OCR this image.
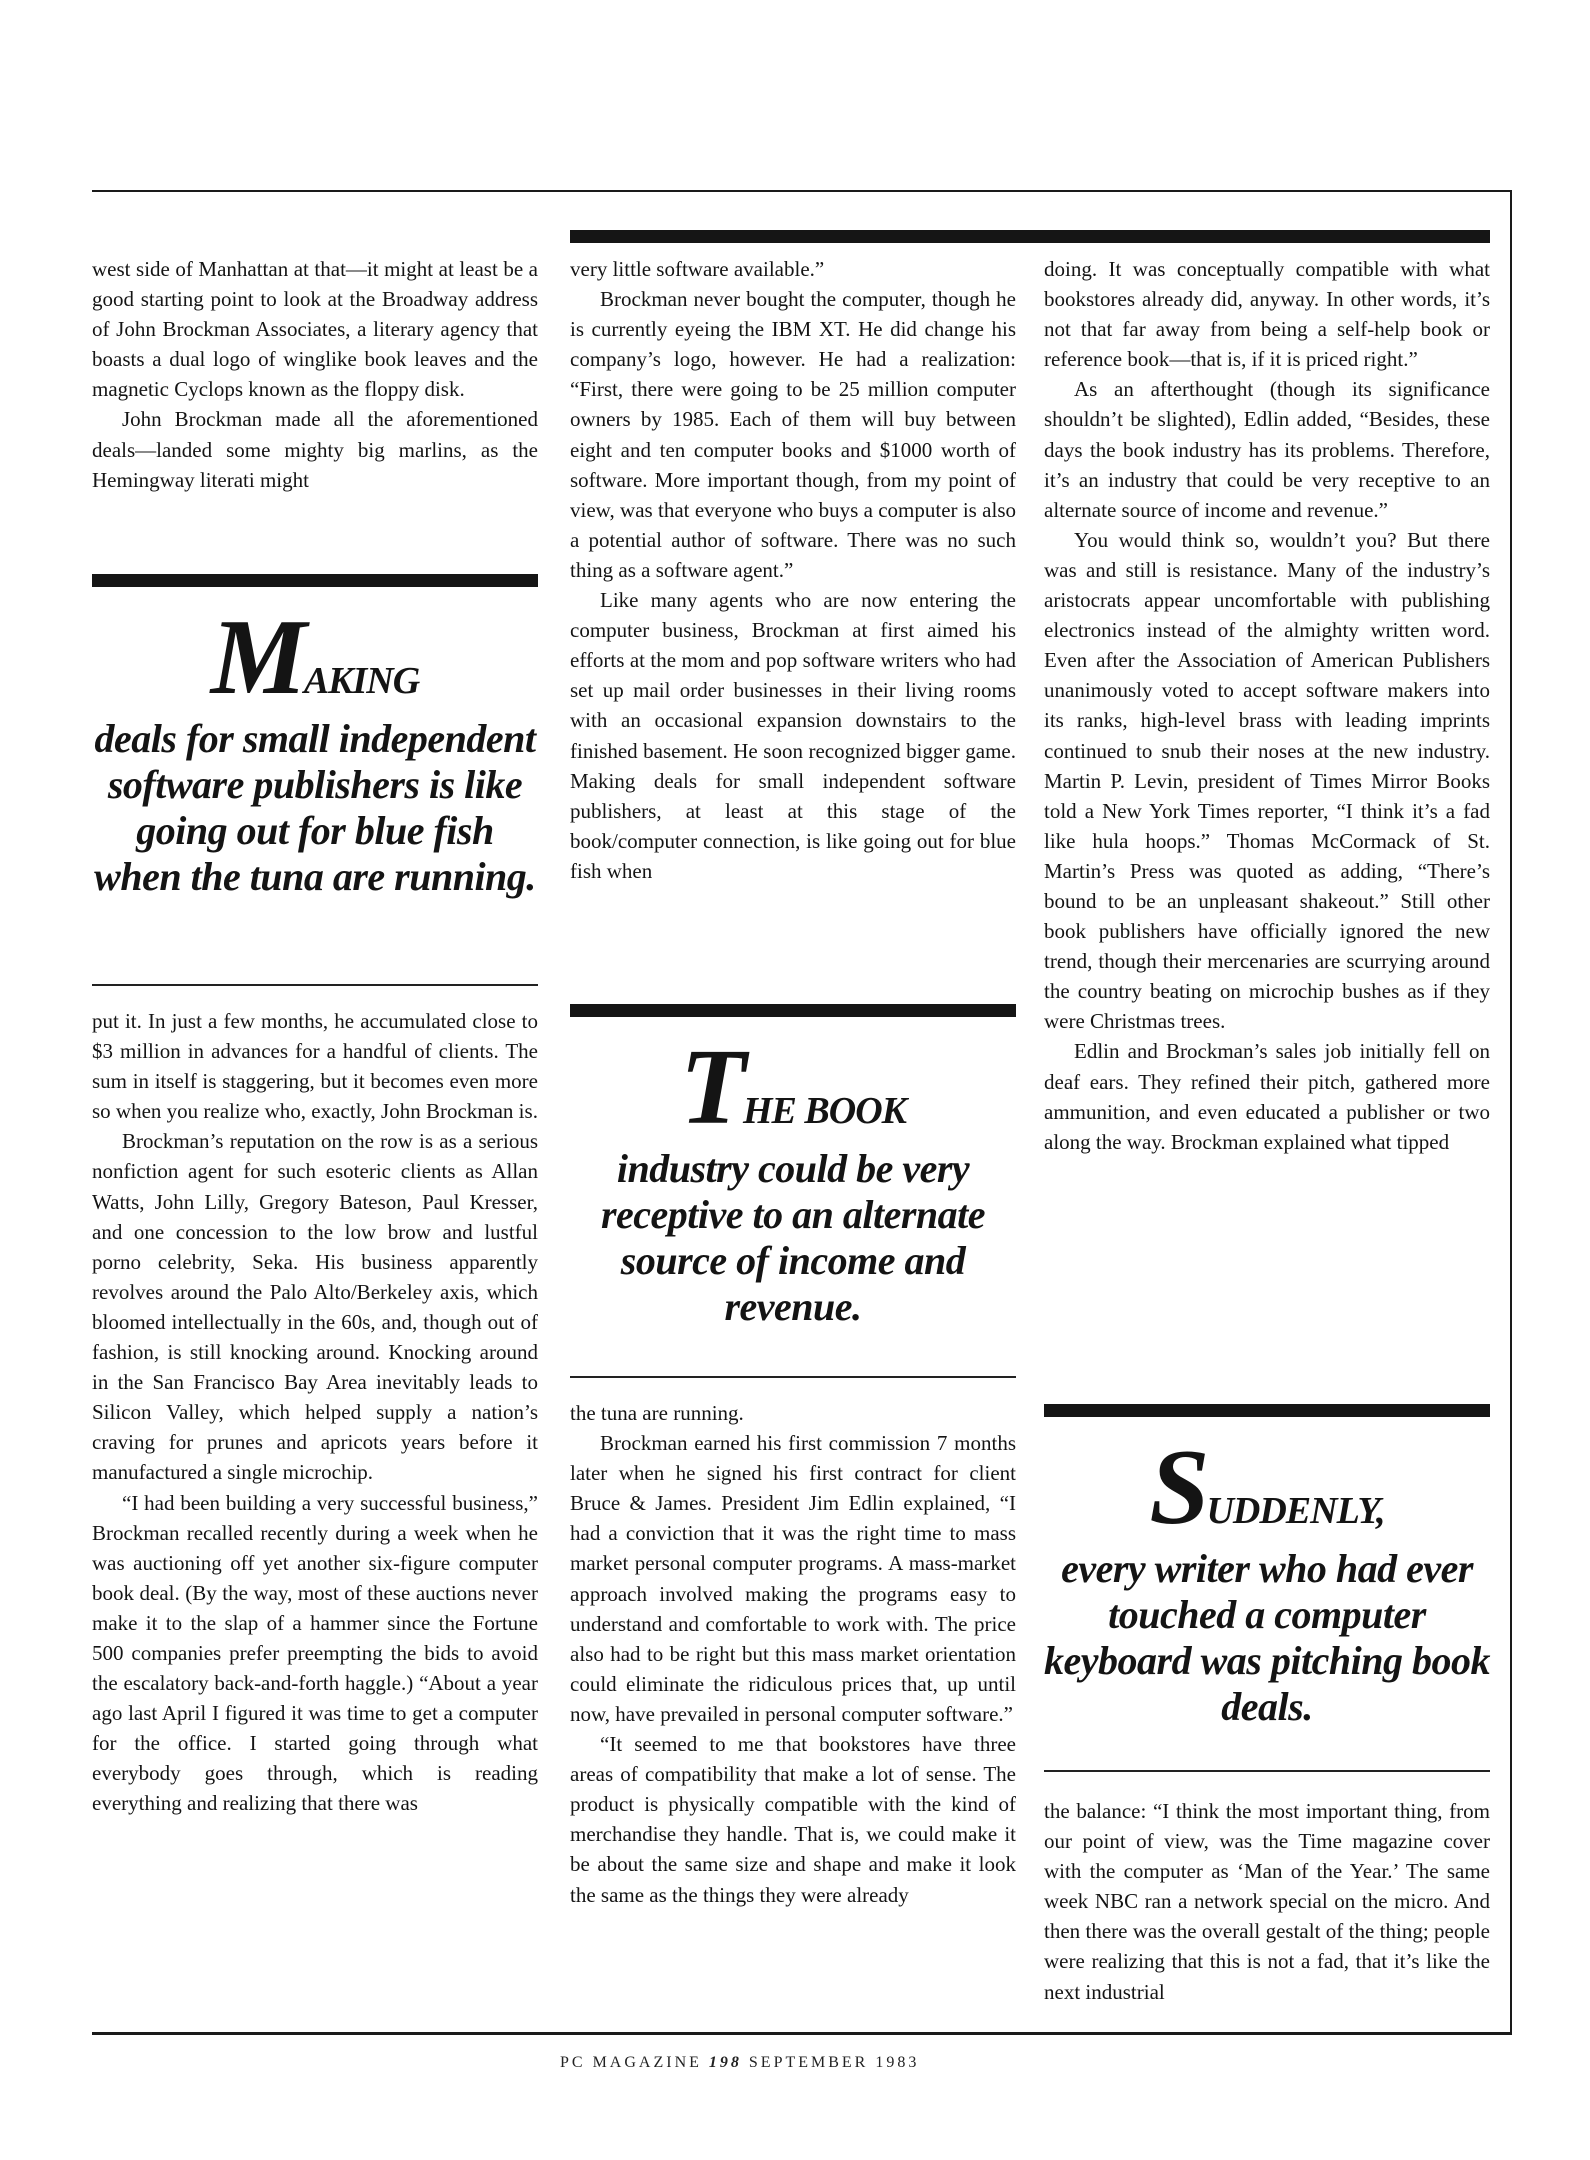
west side of Manhattan at that—it might at least be a good starting point to look at the Broadway address of John Brockman Associates, a literary agency that boasts a dual logo of winglike book leaves and the magnetic Cyclops known as the floppy disk.

John Brockman made all the aforementioned deals—landed some mighty big marlins, as the Hemingway literati might

MAKING
deals for small independent software publishers is like going out for blue fish when the tuna are running.

put it. In just a few months, he accumulated close to $3 million in advances for a handful of clients. The sum in itself is staggering, but it becomes even more so when you realize who, exactly, John Brockman is.

Brockman’s reputation on the row is as a serious nonfiction agent for such esoteric clients as Allan Watts, John Lilly, Gregory Bateson, Paul Kresser, and one concession to the low brow and lustful porno celebrity, Seka. His business apparently revolves around the Palo Alto/Berkeley axis, which bloomed intellectually in the 60s, and, though out of fashion, is still knocking around. Knocking around in the San Francisco Bay Area inevitably leads to Silicon Valley, which helped supply a nation’s craving for prunes and apricots years before it manufactured a single microchip.

“I had been building a very successful business,” Brockman recalled recently during a week when he was auctioning off yet another six-figure computer book deal. (By the way, most of these auctions never make it to the slap of a hammer since the Fortune 500 companies prefer preempting the bids to avoid the escalatory back-and-forth haggle.) “About a year ago last April I figured it was time to get a computer for the office. I started going through what everybody goes through, which is reading everything and realizing that there was

very little software available.”

Brockman never bought the computer, though he is currently eyeing the IBM XT. He did change his company’s logo, however. He had a realization: “First, there were going to be 25 million computer owners by 1985. Each of them will buy between eight and ten computer books and $1000 worth of software. More important though, from my point of view, was that everyone who buys a computer is also a potential author of software. There was no such thing as a software agent.”

Like many agents who are now entering the computer business, Brockman at first aimed his efforts at the mom and pop software writers who had set up mail order businesses in their living rooms with an occasional expansion downstairs to the finished basement. He soon recognized bigger game. Making deals for small independent software publishers, at least at this stage of the book/computer connection, is like going out for blue fish when

THE BOOK
industry could be very receptive to an alternate source of income and revenue.

the tuna are running.

Brockman earned his first commission 7 months later when he signed his first contract for client Bruce & James. President Jim Edlin explained, “I had a conviction that it was the right time to mass market personal computer programs. A mass-market approach involved making the programs easy to understand and comfortable to work with. The price also had to be right but this mass market orientation could eliminate the ridiculous prices that, up until now, have prevailed in personal computer software.”

“It seemed to me that bookstores have three areas of compatibility that make a lot of sense. The product is physically compatible with the kind of merchandise they handle. That is, we could make it be about the same size and shape and make it look the same as the things they were already

doing. It was conceptually compatible with what bookstores already did, anyway. In other words, it’s not that far away from being a self-help book or reference book—that is, if it is priced right.”

As an afterthought (though its significance shouldn’t be slighted), Edlin added, “Besides, these days the book industry has its problems. Therefore, it’s an industry that could be very receptive to an alternate source of income and revenue.”

You would think so, wouldn’t you? But there was and still is resistance. Many of the industry’s aristocrats appear uncomfortable with publishing electronics instead of the almighty written word. Even after the Association of American Publishers unanimously voted to accept software makers into its ranks, high-level brass with leading imprints continued to snub their noses at the new industry. Martin P. Levin, president of Times Mirror Books told a New York Times reporter, “I think it’s a fad like hula hoops.” Thomas McCormack of St. Martin’s Press was quoted as adding, “There’s bound to be an unpleasant shakeout.” Still other book publishers have officially ignored the new trend, though their mercenaries are scurrying around the country beating on microchip bushes as if they were Christmas trees.

Edlin and Brockman’s sales job initially fell on deaf ears. They refined their pitch, gathered more ammunition, and even educated a publisher or two along the way. Brockman explained what tipped

SUDDENLY,
every writer who had ever touched a computer keyboard was pitching book deals.

the balance: “I think the most important thing, from our point of view, was the Time magazine cover with the computer as ‘Man of the Year.’ The same week NBC ran a network special on the micro. And then there was the overall gestalt of the thing; people were realizing that this is not a fad, that it’s like the next industrial

PC MAGAZINE 198 SEPTEMBER 1983
